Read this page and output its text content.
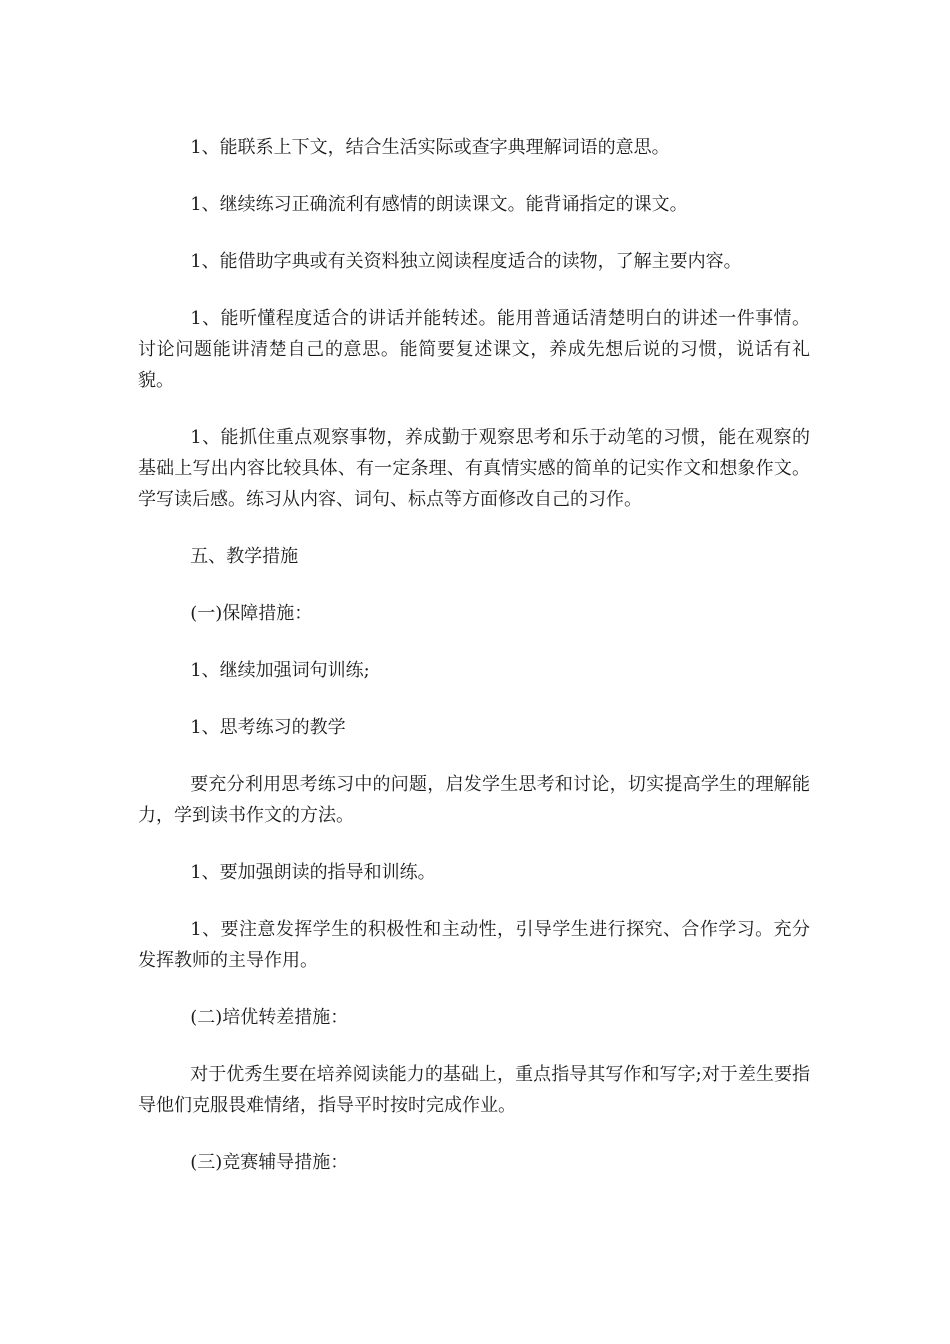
1、能联系上下文，结合生活实际或查字典理解词语的意思。

1、继续练习正确流利有感情的朗读课文。能背诵指定的课文。

1、能借助字典或有关资料独立阅读程度适合的读物，了解主要内容。

1、能听懂程度适合的讲话并能转述。能用普通话清楚明白的讲述一件事情。讨论问题能讲清楚自己的意思。能简要复述课文，养成先想后说的习惯，说话有礼貌。

1、能抓住重点观察事物，养成勤于观察思考和乐于动笔的习惯，能在观察的基础上写出内容比较具体、有一定条理、有真情实感的简单的记实作文和想象作文。学写读后感。练习从内容、词句、标点等方面修改自己的习作。

五、教学措施

(一)保障措施：

1、继续加强词句训练;

1、思考练习的教学

要充分利用思考练习中的问题，启发学生思考和讨论，切实提高学生的理解能力，学到读书作文的方法。

1、要加强朗读的指导和训练。

1、要注意发挥学生的积极性和主动性，引导学生进行探究、合作学习。充分发挥教师的主导作用。

(二)培优转差措施：

对于优秀生要在培养阅读能力的基础上，重点指导其写作和写字;对于差生要指导他们克服畏难情绪，指导平时按时完成作业。

(三)竞赛辅导措施：
